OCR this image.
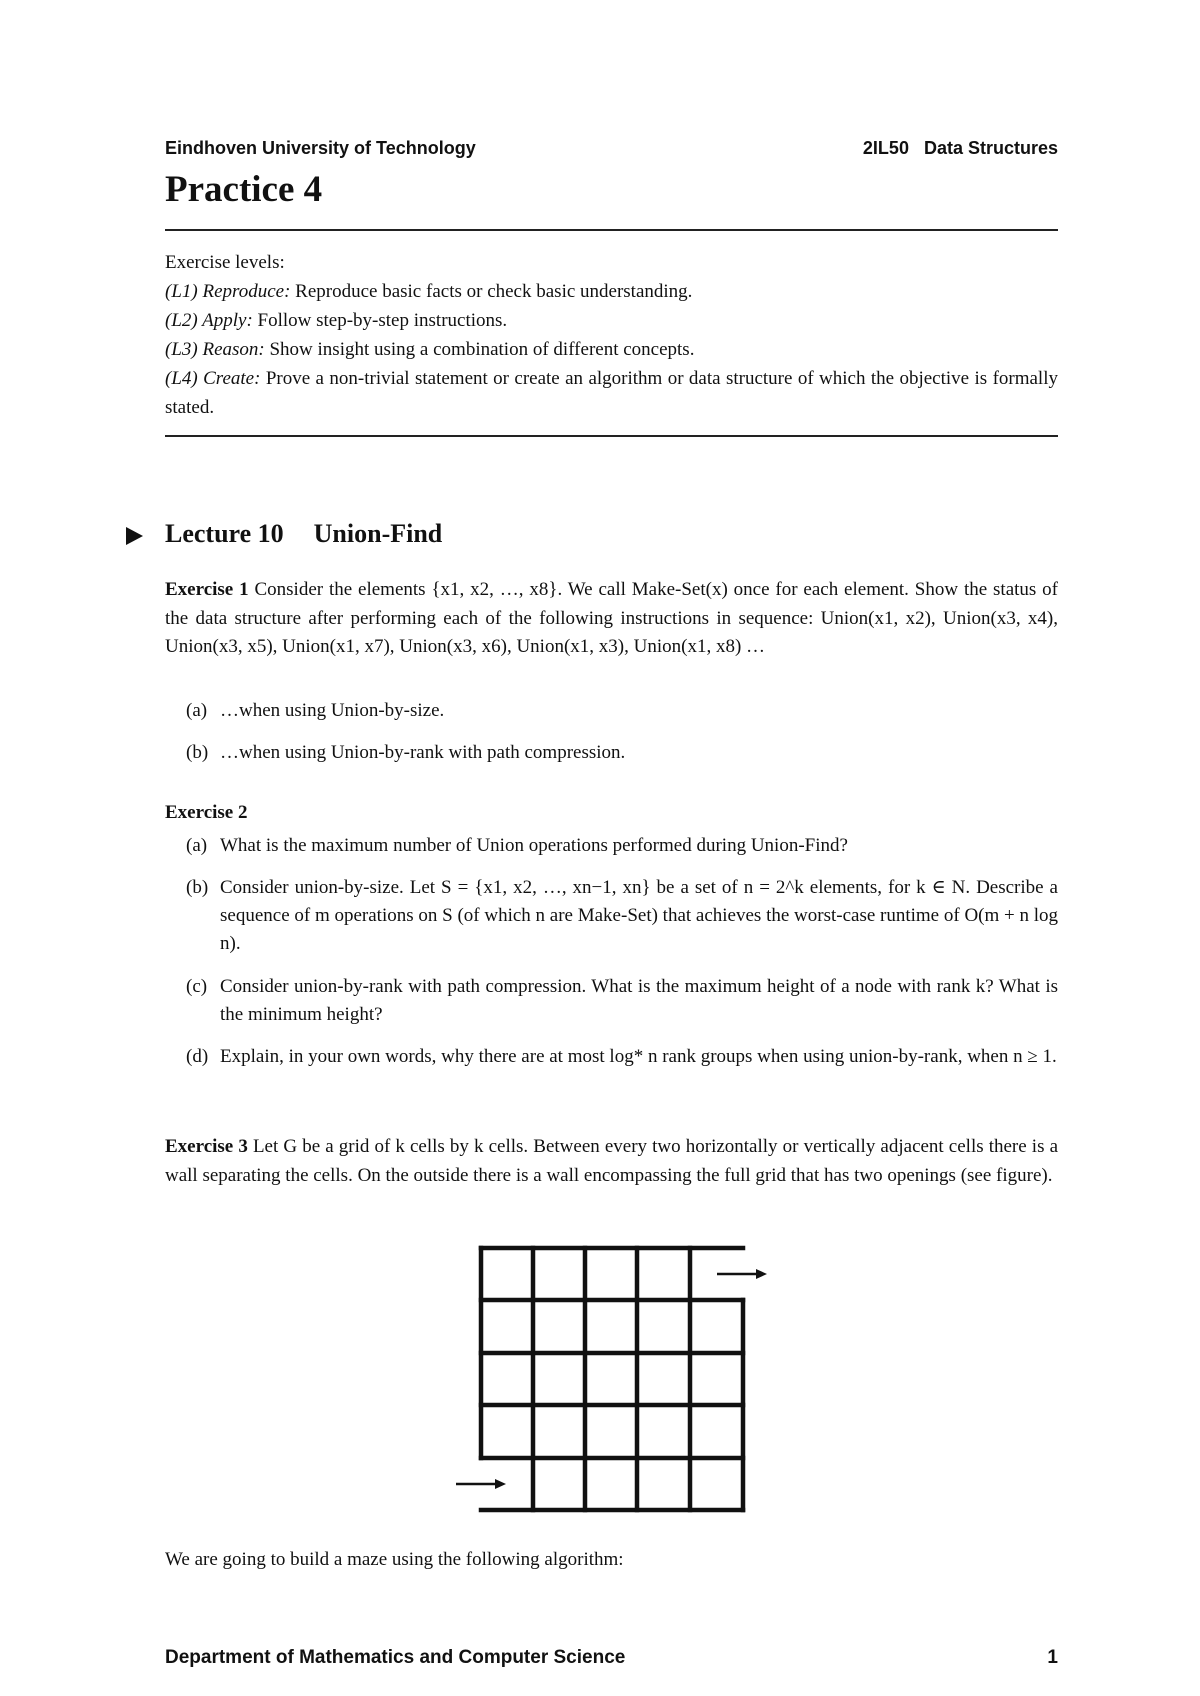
Eindhoven University of Technology	2IL50   Data Structures
Practice 4
Exercise levels:
(L1) Reproduce: Reproduce basic facts or check basic understanding.
(L2) Apply: Follow step-by-step instructions.
(L3) Reason: Show insight using a combination of different concepts.
(L4) Create: Prove a non-trivial statement or create an algorithm or data structure of which the objective is formally stated.
Lecture 10 Union-Find
Exercise 1 Consider the elements {x1, x2, …, x8}. We call Make-Set(x) once for each element. Show the status of the data structure after performing each of the following instructions in sequence: Union(x1, x2), Union(x3, x4), Union(x3, x5), Union(x1, x7), Union(x3, x6), Union(x1, x3), Union(x1, x8) …
(a) …when using Union-by-size.
(b) …when using Union-by-rank with path compression.
Exercise 2
(a) What is the maximum number of Union operations performed during Union-Find?
(b) Consider union-by-size. Let S = {x1, x2, …, xn−1, xn} be a set of n = 2^k elements, for k ∈ N. Describe a sequence of m operations on S (of which n are Make-Set) that achieves the worst-case runtime of O(m + n log n).
(c) Consider union-by-rank with path compression. What is the maximum height of a node with rank k? What is the minimum height?
(d) Explain, in your own words, why there are at most log* n rank groups when using union-by-rank, when n ≥ 1.
Exercise 3 Let G be a grid of k cells by k cells. Between every two horizontally or vertically adjacent cells there is a wall separating the cells. On the outside there is a wall encompassing the full grid that has two openings (see figure).
We are going to build a maze using the following algorithm:
Department of Mathematics and Computer Science	1
